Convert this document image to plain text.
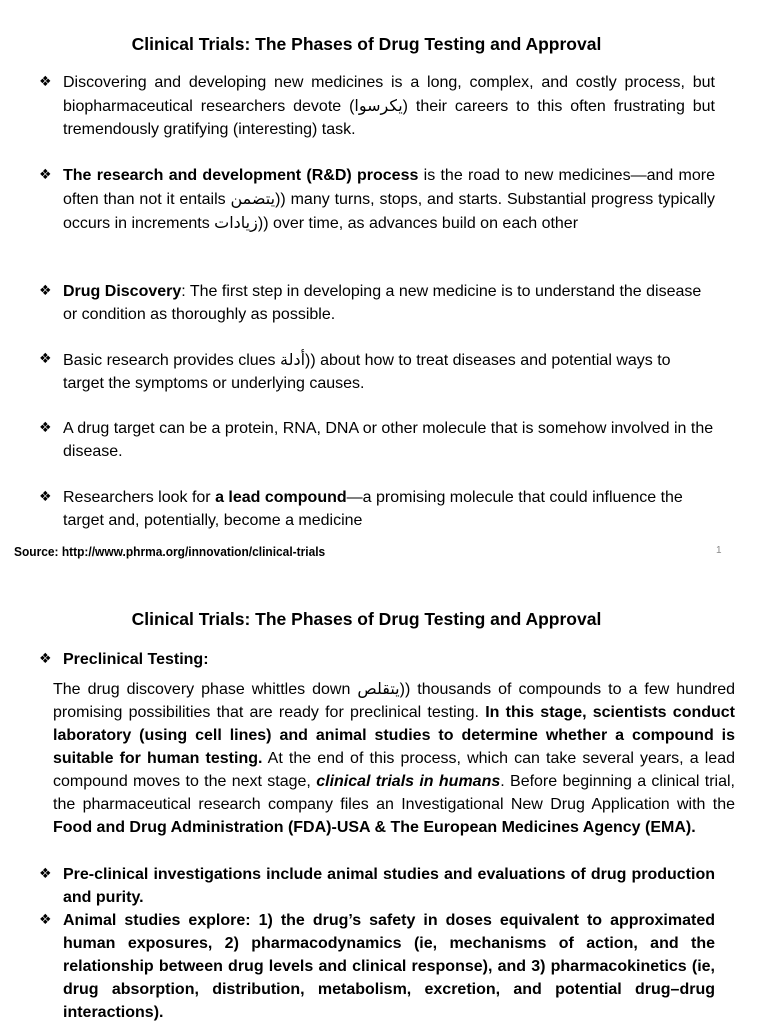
Clinical Trials: The Phases of Drug Testing and Approval
❖ Discovering and developing new medicines is a long, complex, and costly process, but biopharmaceutical researchers devote (يكرسوا) their careers to this often frustrating but tremendously gratifying (interesting) task.
❖ The research and development (R&D) process is the road to new medicines—and more often than not it entails يتضمن)) many turns, stops, and starts. Substantial progress typically occurs in increments زيادات)) over time, as advances build on each other
❖ Drug Discovery: The first step in developing a new medicine is to understand the disease or condition as thoroughly as possible.
❖ Basic research provides clues أدلة)) about how to treat diseases and potential ways to target the symptoms or underlying causes.
❖ A drug target can be a protein, RNA, DNA or other molecule that is somehow involved in the disease.
❖ Researchers look for a lead compound—a promising molecule that could influence the target and, potentially, become a medicine
Source: http://www.phrma.org/innovation/clinical-trials	1
Clinical Trials: The Phases of Drug Testing and Approval
❖ Preclinical Testing:
The drug discovery phase whittles down يتقلص)) thousands of compounds to a few hundred promising possibilities that are ready for preclinical testing. In this stage, scientists conduct laboratory (using cell lines) and animal studies to determine whether a compound is suitable for human testing. At the end of this process, which can take several years, a lead compound moves to the next stage, clinical trials in humans. Before beginning a clinical trial, the pharmaceutical research company files an Investigational New Drug Application with the Food and Drug Administration (FDA)-USA & The European Medicines Agency (EMA).
❖ Pre-clinical investigations include animal studies and evaluations of drug production and purity.
❖ Animal studies explore: 1) the drug’s safety in doses equivalent to approximated human exposures, 2) pharmacodynamics (ie, mechanisms of action, and the relationship between drug levels and clinical response), and 3) pharmacokinetics (ie, drug absorption, distribution, metabolism, excretion, and potential drug–drug interactions).
